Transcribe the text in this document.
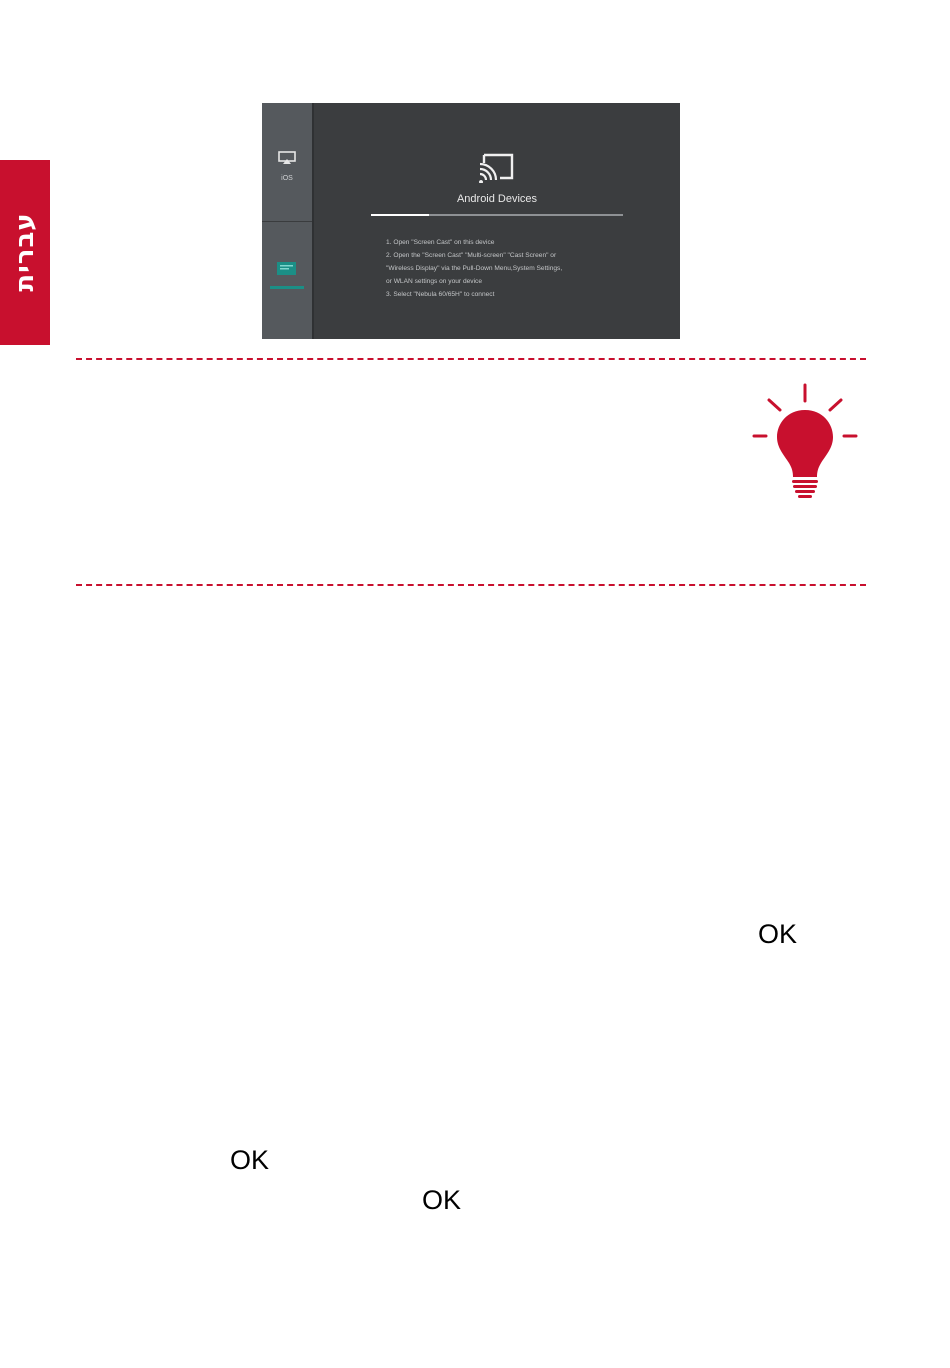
עברית
iOS
Android Devices
1. Open "Screen Cast" on this device
2. Open the "Screen Cast" "Multi-screen" "Cast Screen" or
"Wireless Display" via the Pull-Down Menu,System Settings,
or WLAN settings on your device
3. Select "Nebula 60/65H" to connect
OK
OK
OK
